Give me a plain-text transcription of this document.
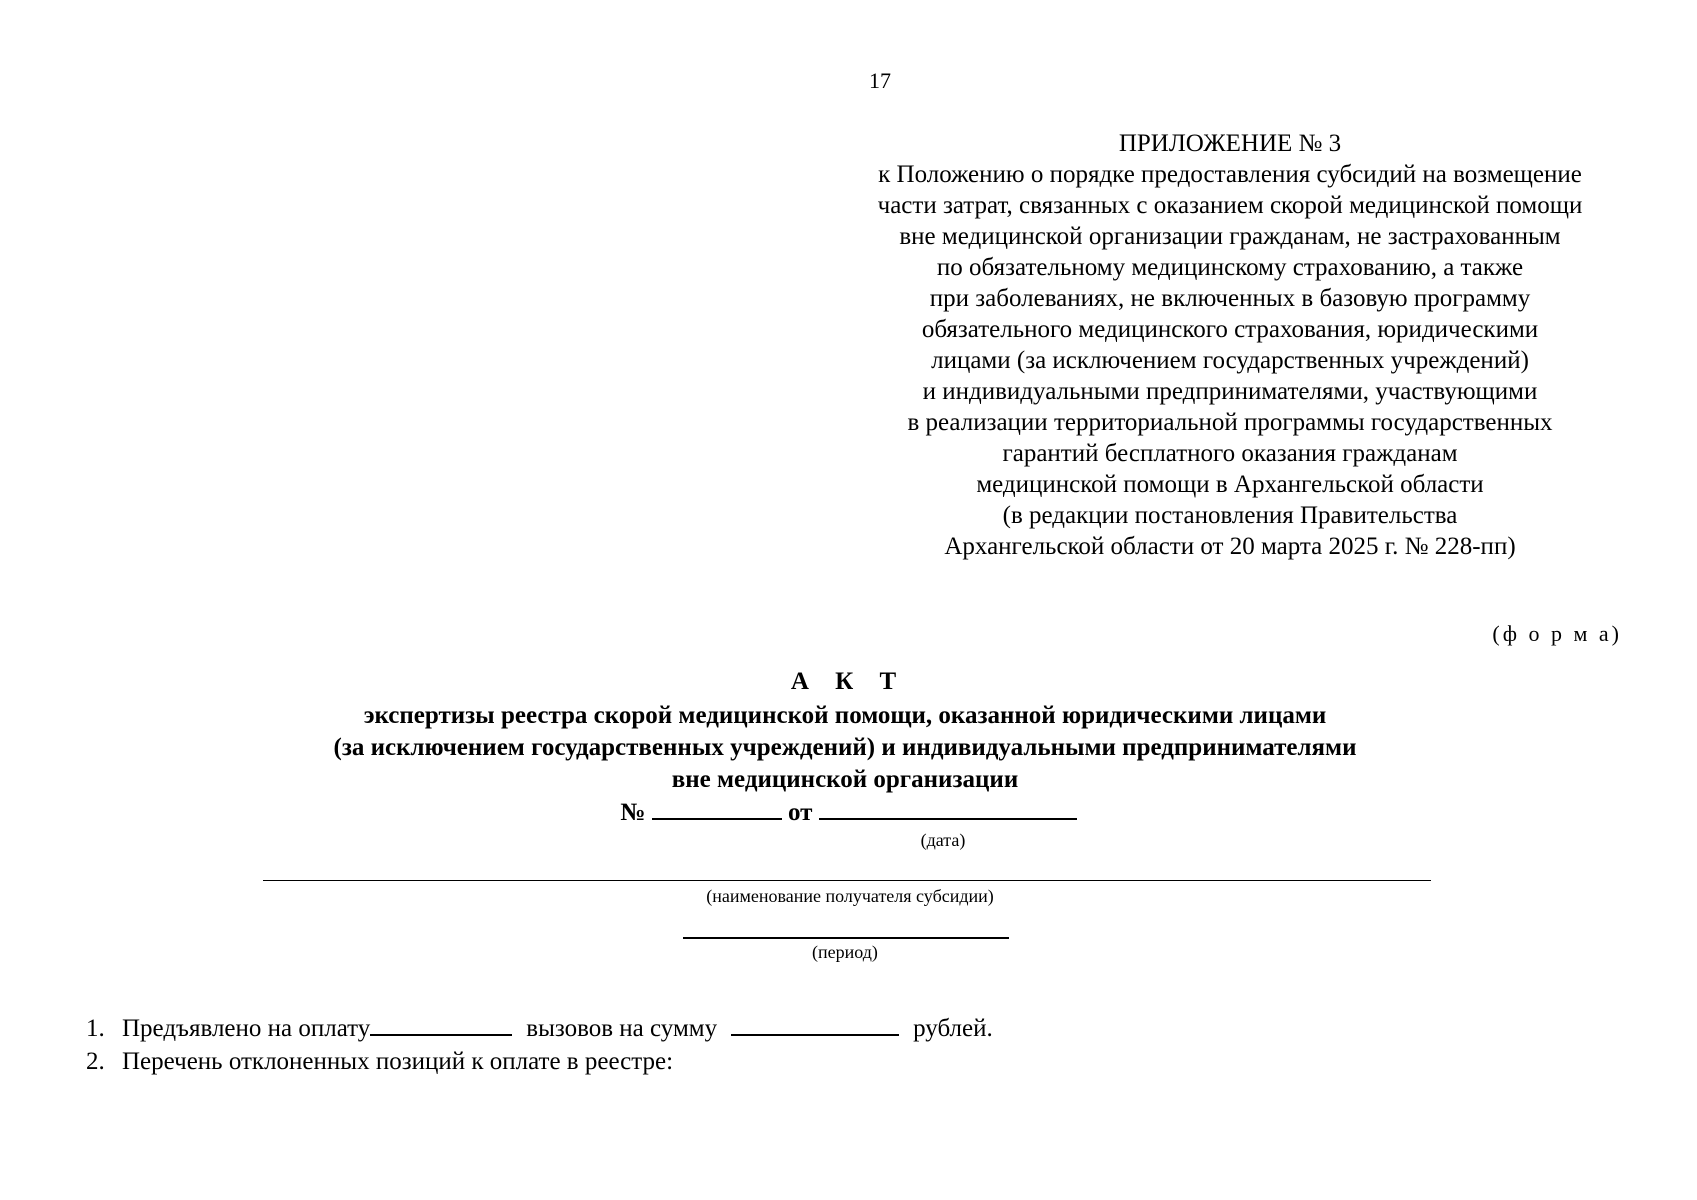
17
ПРИЛОЖЕНИЕ № 3
к Положению о порядке предоставления субсидий на возмещение
части затрат, связанных с оказанием скорой медицинской помощи
вне медицинской организации гражданам, не застрахованным
по обязательному медицинскому страхованию, а также
при заболеваниях, не включенных в базовую программу
обязательного медицинского страхования, юридическими
лицами (за исключением государственных учреждений)
и индивидуальными предпринимателями, участвующими
в реализации территориальной программы государственных
гарантий бесплатного оказания гражданам
медицинской помощи в Архангельской области
(в редакции постановления Правительства
Архангельской области от 20 марта 2025 г. № 228-пп)
(ф о р м а)
А К Т
экспертизы реестра скорой медицинской помощи, оказанной юридическими лицами
(за исключением государственных учреждений) и индивидуальными предпринимателями
вне медицинской организации
№	от
(дата)
(наименование получателя субсидии)
(период)
1. Предъявлено на оплату	вызовов на сумму	рублей.
2. Перечень отклоненных позиций к оплате в реестре:
